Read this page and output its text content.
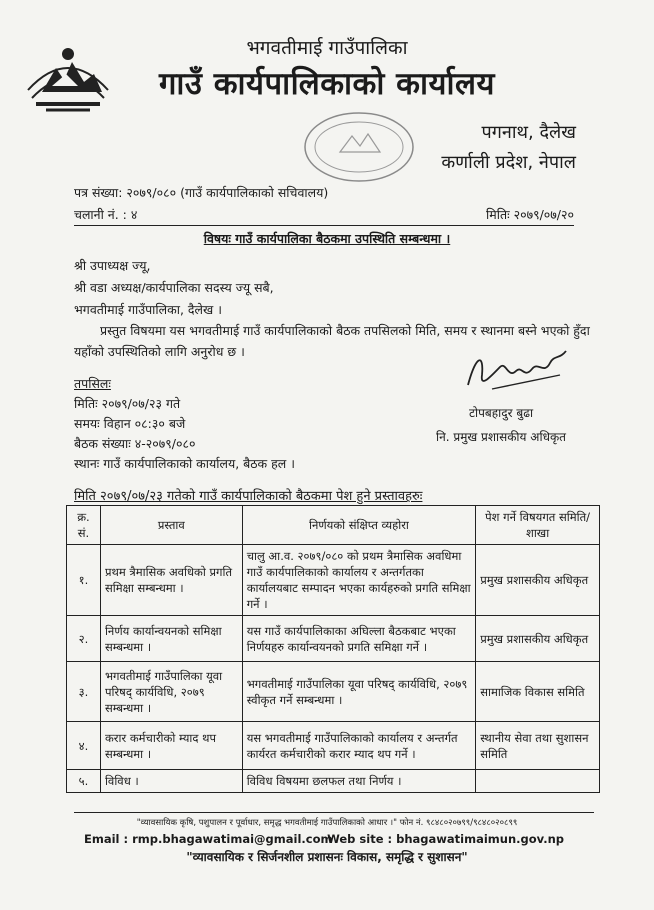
भगवतीमाई गाउँपालिका
गाउँ कार्यपालिकाको कार्यालय
पगनाथ, दैलेख
कर्णाली प्रदेश, नेपाल
पत्र संख्या: २०७९/०८० (गाउँ कार्यपालिकाको सचिवालय)
चलानी नं. : ४	मितिः २०७९/०७/२०
विषयः गाउँ कार्यपालिका बैठकमा उपस्थिति सम्बन्धमा ।
श्री उपाध्यक्ष ज्यू,
श्री वडा अध्यक्ष/कार्यपालिका सदस्य ज्यू सबै,
भगवतीमाई गाउँपालिका, दैलेख ।
प्रस्तुत विषयमा यस भगवतीमाई गाउँ कार्यपालिकाको बैठक तपसिलको मिति, समय र स्थानमा बस्ने भएको हुँदा यहाँको उपस्थितिको लागि अनुरोध छ ।
तपसिलः
मितिः २०७९/०७/२३ गते
समयः विहान ०८:३० बजे
बैठक संख्याः ४-२०७९/०८०
स्थानः गाउँ कार्यपालिकाको कार्यालय, बैठक हल ।
टोपबहादुर बुढा
नि. प्रमुख प्रशासकीय अधिकृत
मिति २०७९/०७/२३ गतेको गाउँ कार्यपालिकाको बैठकमा पेश हुने प्रस्तावहरुः
क्र. सं.	प्रस्ताव	निर्णयको संक्षिप्त व्यहोरा	पेश गर्ने विषयगत समिति/शाखा
१.	प्रथम त्रैमासिक अवधिको प्रगति समिक्षा सम्बन्धमा ।	चालु आ.व. २०७९/०८० को प्रथम त्रैमासिक अवधिमा गाउँ कार्यपालिकाको कार्यालय र अन्तर्गतका कार्यालयबाट सम्पादन भएका कार्यहरुको प्रगति समिक्षा गर्ने ।	प्रमुख प्रशासकीय अधिकृत
२.	निर्णय कार्यान्वयनको समिक्षा सम्बन्धमा ।	यस गाउँ कार्यपालिकाका अघिल्ला बैठकबाट भएका निर्णयहरु कार्यान्वयनको प्रगति समिक्षा गर्ने ।	प्रमुख प्रशासकीय अधिकृत
३.	भगवतीमाई गाउँपालिका यूवा परिषद् कार्यविधि, २०७९ सम्बन्धमा ।	भगवतीमाई गाउँपालिका यूवा परिषद् कार्यविधि, २०७९ स्वीकृत गर्ने सम्बन्धमा ।	सामाजिक विकास समिति
४.	करार कर्मचारीको म्याद थप सम्बन्धमा ।	यस भगवतीमाई गाउँपालिकाको कार्यालय र अन्तर्गत कार्यरत कर्मचारीको करार म्याद थप गर्ने ।	स्थानीय सेवा तथा सुशासन समिति
५.	विविध ।	विविध विषयमा छलफल तथा निर्णय ।	
"व्यावसायिक कृषि, पशुपालन र पूर्वाधार, समृद्ध भगवतीमाई गाउँपालिकाको आधार ।" फोन नं. ९८४८०२०७९९/९८४८०२०८९९
Email : rmp.bhagawatimai@gmail.com
Web site : bhagawatimaimun.gov.np
"व्यावसायिक र सिर्जनशील प्रशासनः विकास, समृद्धि र सुशासन"
